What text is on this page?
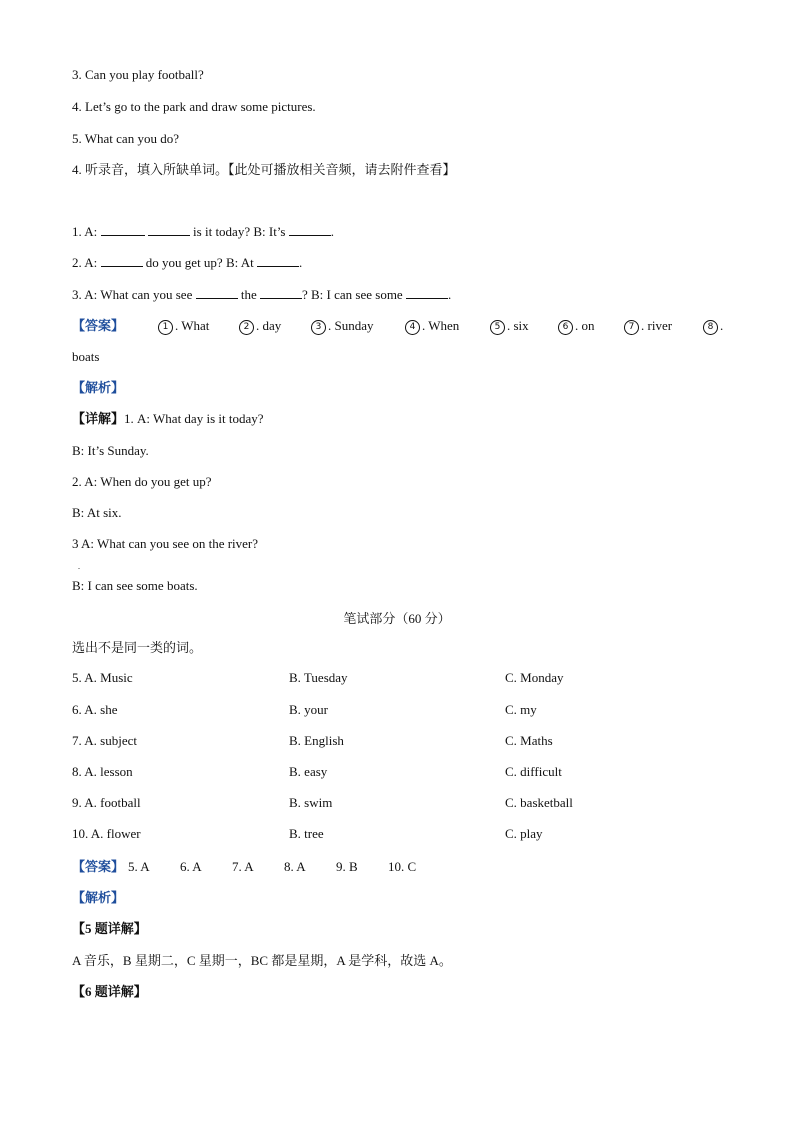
3. Can you play football?
4. Let’s go to the park and draw some pictures.
5. What can you do?
4. 听录音，填入所缺单词。【此处可播放相关音频，请去附件查看】
1. A:	is it today? B: It’s	.
2. A:	do you get up? B: At	.
3. A: What can you see	the	? B: I can see some	.
【答案】	1 . What	2 . day	3 . Sunday	4 . When	5 . six	6 . on	7 . river	8 .
boats
【解析】
【详解】1. A: What day is it today?
B: It’s Sunday.
2. A: When do you get up?
B: At six.
3 A: What can you see on the river?
.
B: I can see some boats.
笔试部分（60 分）
选出不是同一类的词。
5. A. Music	B. Tuesday	C. Monday
6. A. she	B. your	C. my
7. A. subject	B. English	C. Maths
8. A. lesson	B. easy	C. difficult
9. A. football	B. swim	C. basketball
10. A. flower	B. tree	C. play
【答案】 5. A 6. A 7. A 8. A 9. B 10. C
【解析】
【5 题详解】
A 音乐，B 星期二，C 星期一，BC 都是星期，A 是学科，故选 A。
【6 题详解】
